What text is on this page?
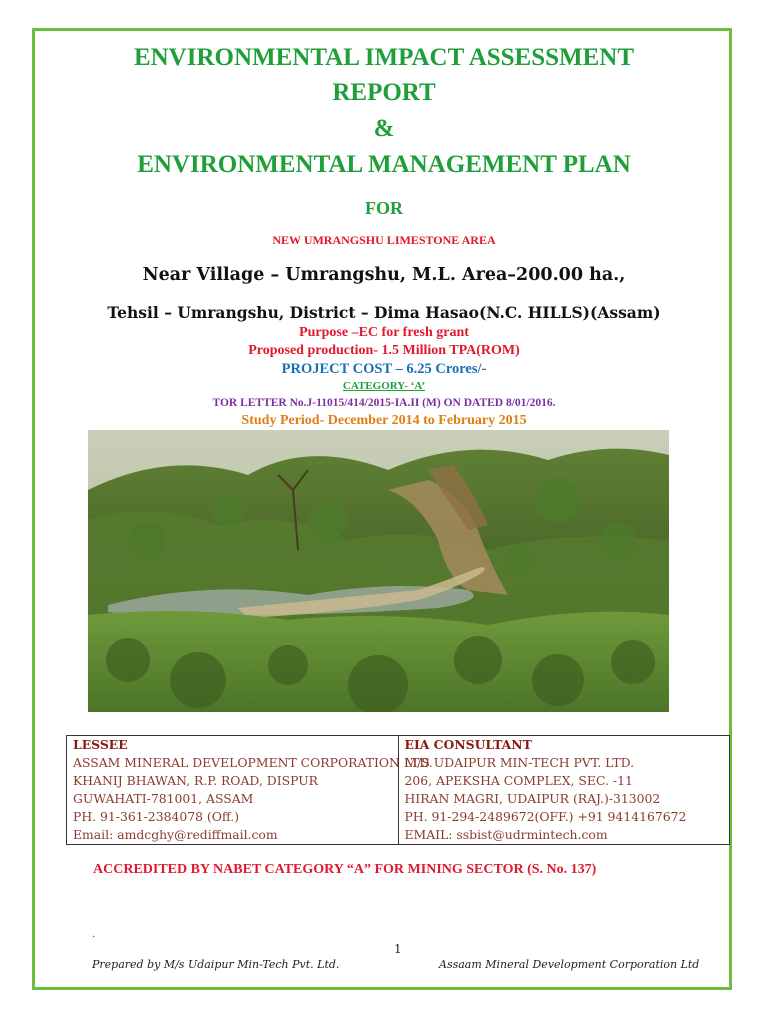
ENVIRONMENTAL IMPACT ASSESSMENT
REPORT
&
ENVIRONMENTAL MANAGEMENT PLAN

FOR

NEW UMRANGSHU LIMESTONE AREA

Near Village – Umrangshu, M.L. Area–200.00 ha.,

Tehsil – Umrangshu, District – Dima Hasao(N.C. HILLS)(Assam)

Purpose –EC for fresh grant

Proposed production- 1.5 Million TPA(ROM)

PROJECT COST – 6.25 Crores/-

CATEGORY- ‘A’

TOR LETTER No.J-11015/414/2015-IA.II (M) ON DATED 8/01/2016.

Study Period- December 2014 to February 2015

LESSEE
ASSAM MINERAL DEVELOPMENT CORPORATION LTD.
KHANIJ BHAWAN, R.P. ROAD, DISPUR
GUWAHATI-781001, ASSAM
PH. 91-361-2384078 (Off.)
Email: amdcghy@rediffmail.com

EIA CONSULTANT
M/S UDAIPUR MIN-TECH PVT. LTD.
206, APEKSHA COMPLEX, SEC. -11
HIRAN MAGRI, UDAIPUR (RAJ.)-313002
PH. 91-294-2489672(OFF.) +91 9414167672
EMAIL: ssbist@udrmintech.com

ACCREDITED BY NABET CATEGORY “A” FOR MINING SECTOR (S. No. 137)

.
1
Prepared by M/s Udaipur Min-Tech Pvt. Ltd.	Assaam Mineral Development Corporation Ltd
